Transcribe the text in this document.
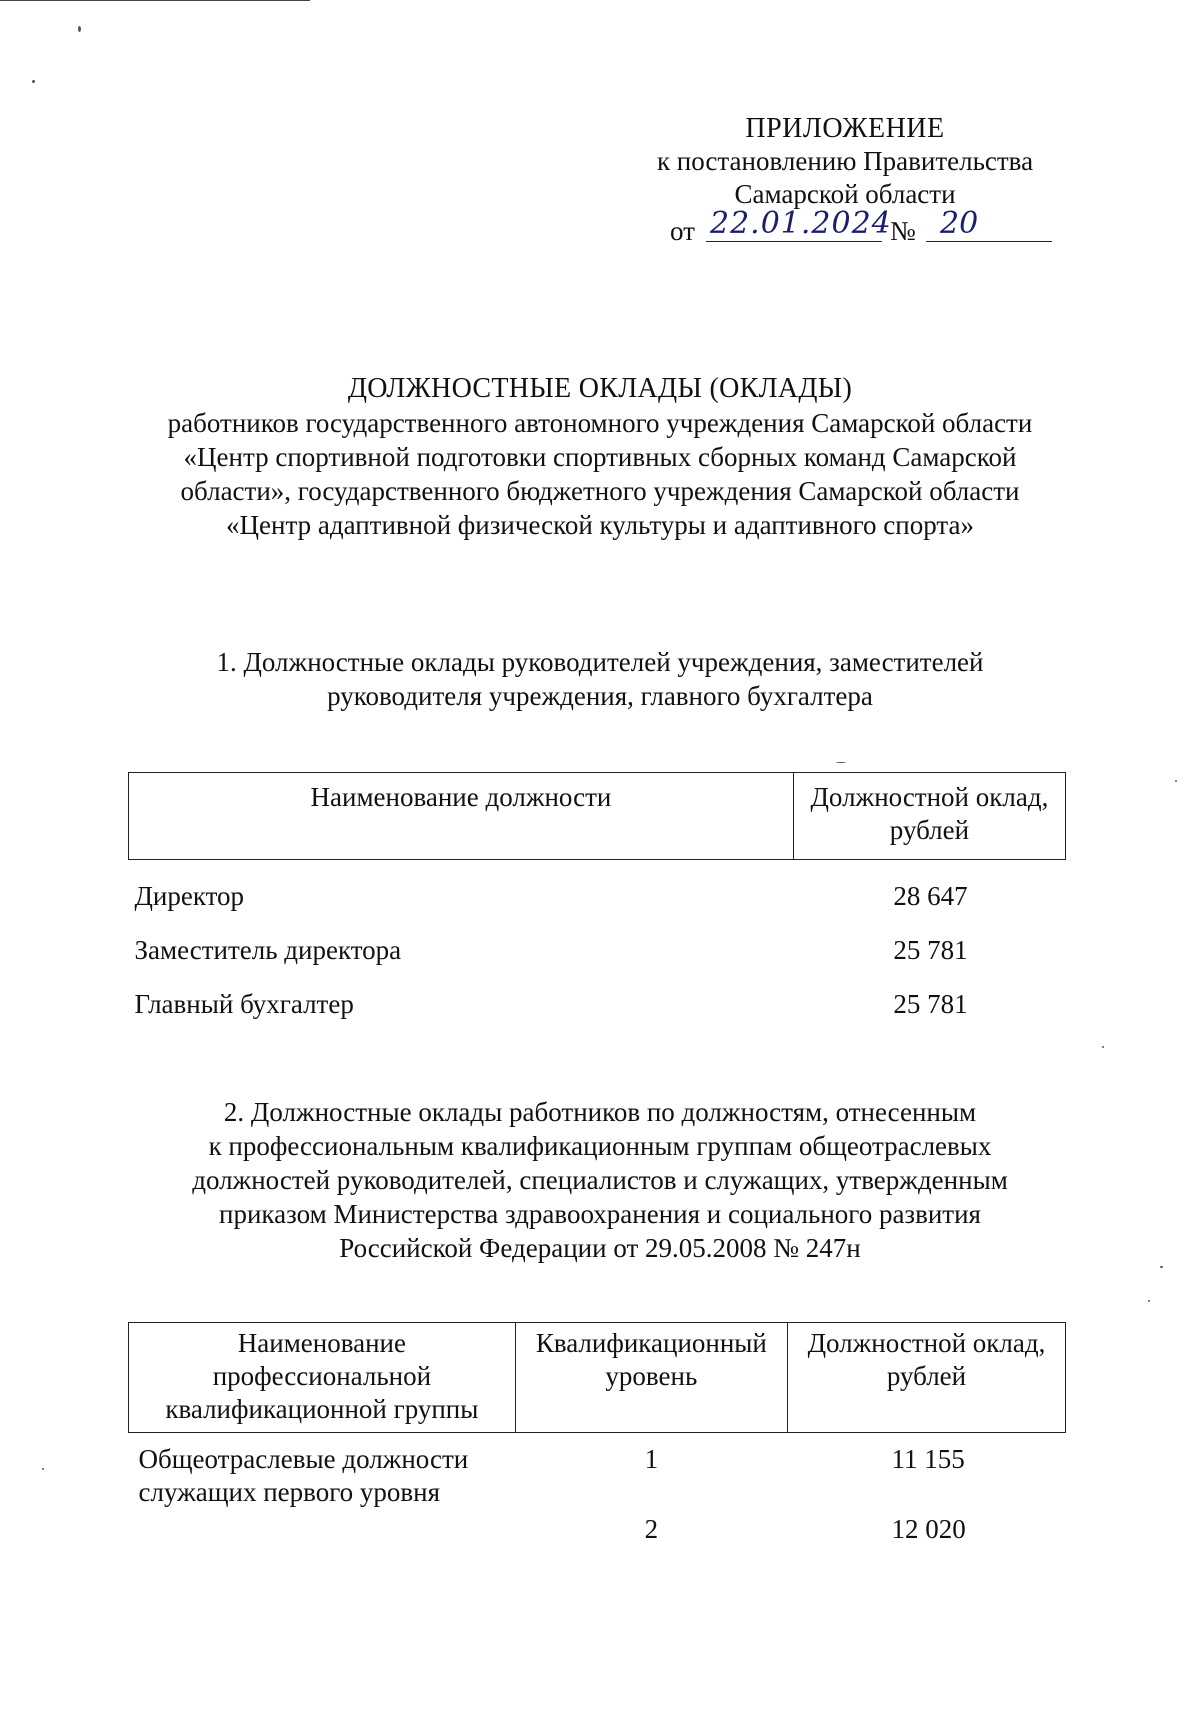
ПРИЛОЖЕНИЕ
к постановлению Правительства
Самарской области
от 22.01.2024
№ 20
ДОЛЖНОСТНЫЕ ОКЛАДЫ (ОКЛАДЫ)
работников государственного автономного учреждения Самарской области
«Центр спортивной подготовки спортивных сборных команд Самарской
области», государственного бюджетного учреждения Самарской области
«Центр адаптивной физической культуры и адаптивного спорта»
1. Должностные оклады руководителей учреждения, заместителей
руководителя учреждения, главного бухгалтера
Наименование должности	Должностной оклад, рублей
Директор	28 647
Заместитель директора	25 781
Главный бухгалтер	25 781
2. Должностные оклады работников по должностям, отнесенным
к профессиональным квалификационным группам общеотраслевых
должностей руководителей, специалистов и служащих, утвержденным
приказом Министерства здравоохранения и социального развития
Российской Федерации от 29.05.2008 № 247н
Наименование профессиональной квалификационной группы	Квалификационный уровень	Должностной оклад, рублей
Общеотраслевые должности служащих первого уровня	1	11 155
	2	12 020
